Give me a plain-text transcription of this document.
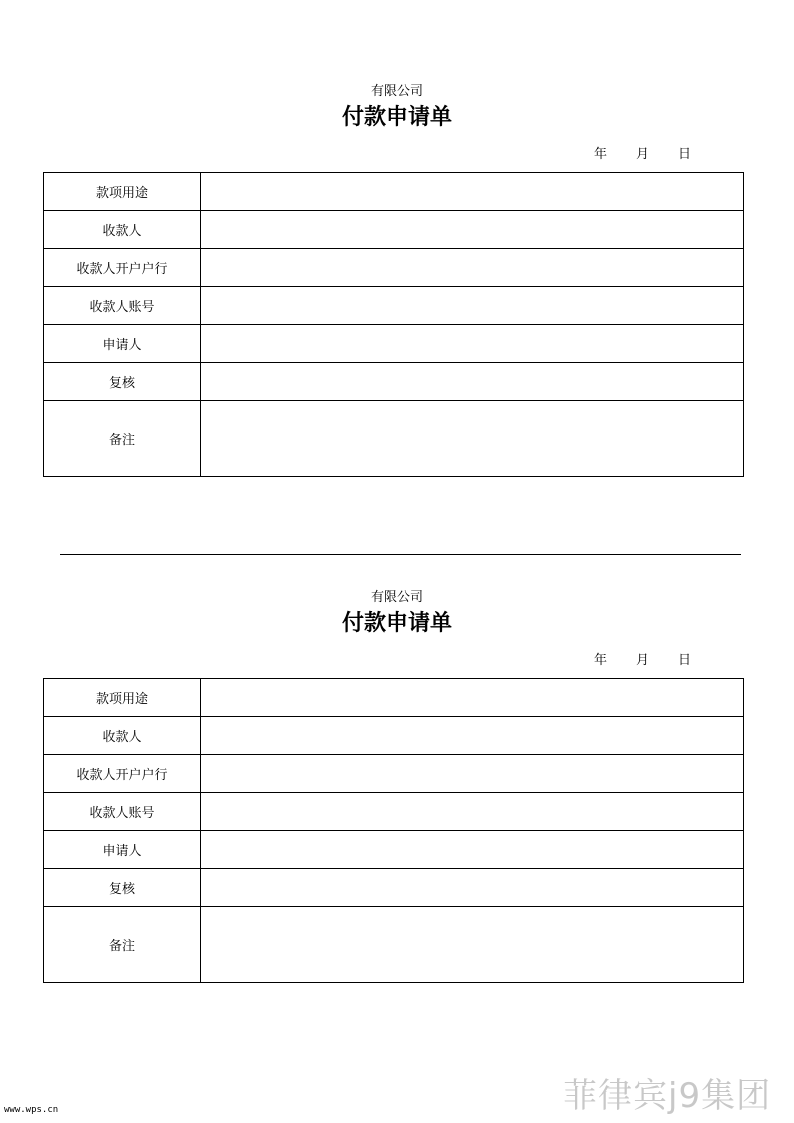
有限公司
付款申请单
年 月 日
款项用途	
收款人	
收款人开户户行	
收款人账号	
申请人	
复核	
备注	
有限公司
付款申请单
年 月 日
款项用途	
收款人	
收款人开户户行	
收款人账号	
申请人	
复核	
备注	
www.wps.cn	菲律宾j9集团
